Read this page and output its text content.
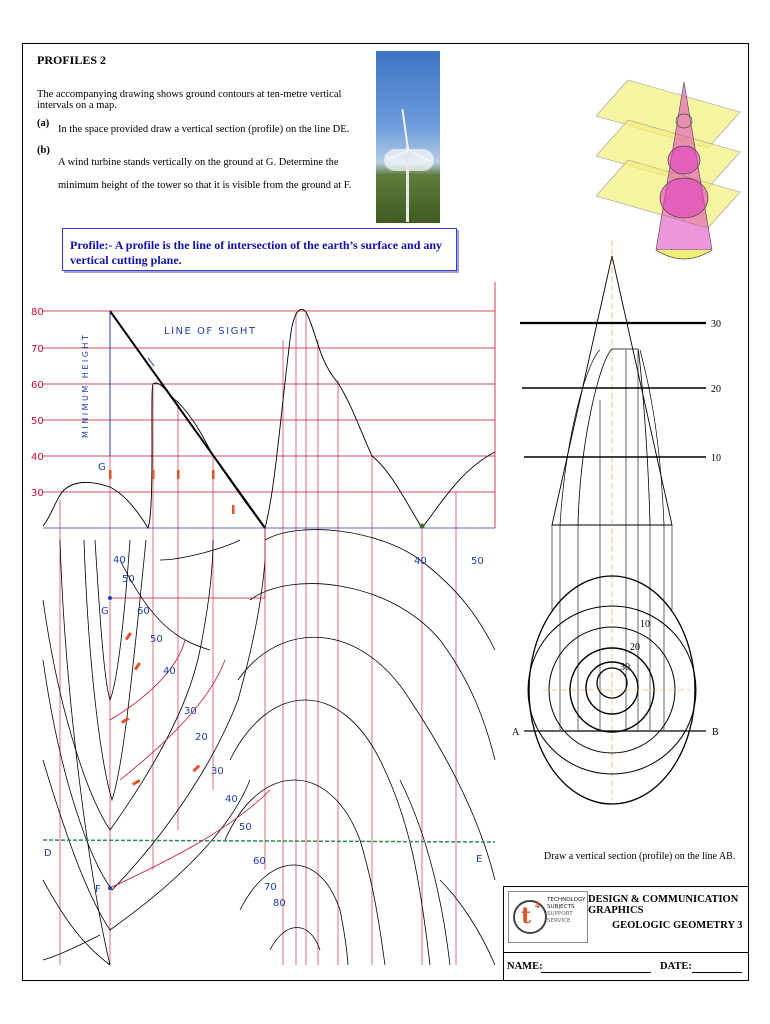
PROFILES 2
The accompanying drawing shows ground contours at ten-metre vertical intervals on a map.
(a)
In the space provided draw a vertical section (profile) on the line DE.
(b)
A wind turbine stands vertically on the ground at G. Determine the minimum height of the tower so that it is visible from the ground at F.
Profile:- A profile is the line of intersection of the earth’s surface and any vertical cutting plane.
80
70
60
50
40
30
LINE OF SIGHT
MINIMUM HEIGHT
G
40
50
60
50
40
30
20
30
40
50
60
70
80
40	50
G
F
D
E
30
20
10
10
20
30
A	B
Draw a vertical section (profile) on the line AB.
t 4 TECHNOLOGY
SUBJECTS
SUPPORT
SERVICE
DESIGN & COMMUNICATION GRAPHICS
GEOLOGIC GEOMETRY 3
NAME:	DATE:
